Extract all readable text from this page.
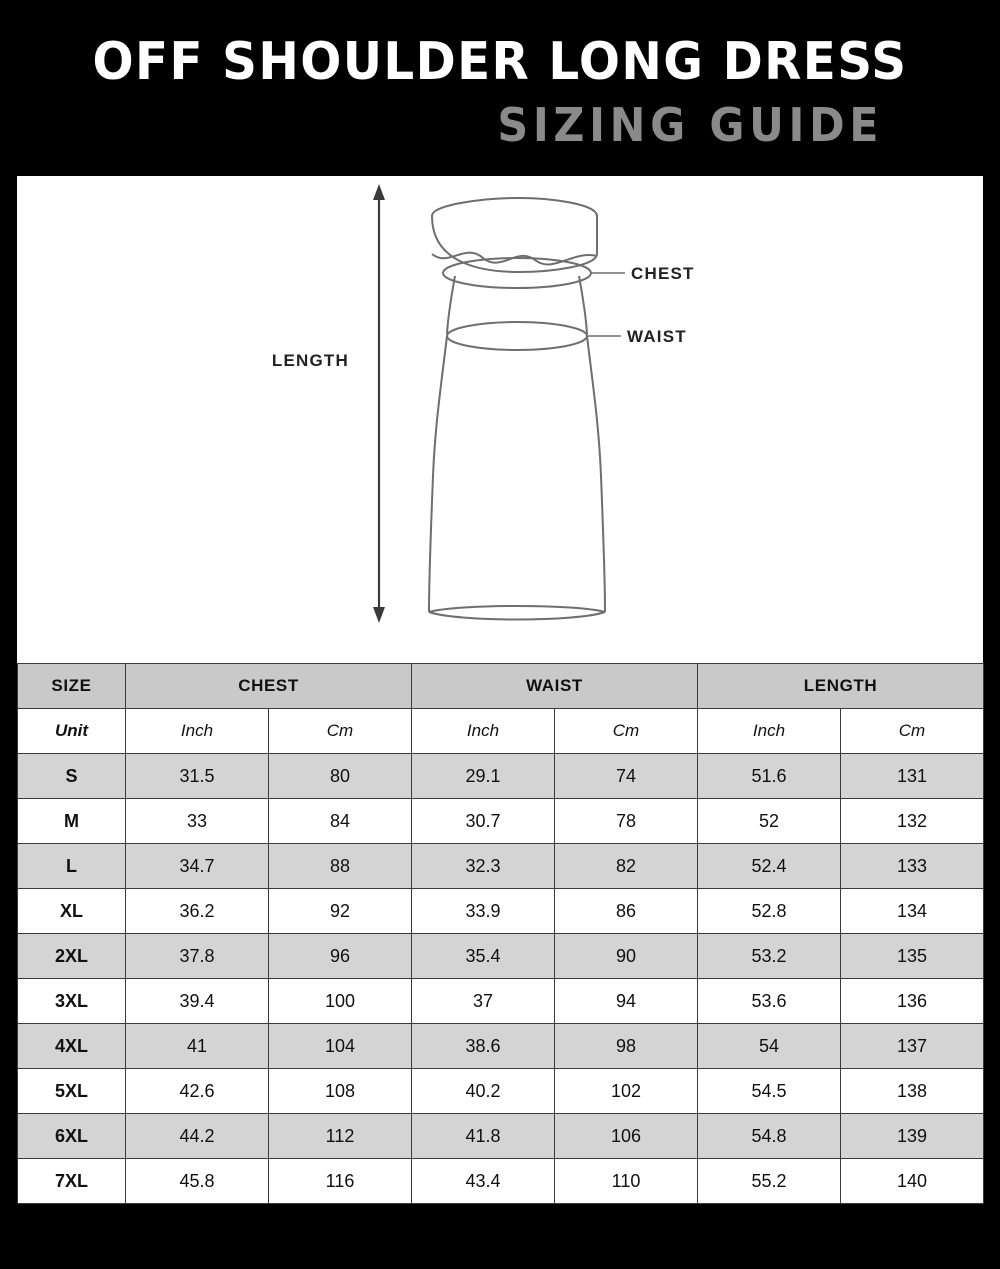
OFF SHOULDER LONG DRESS
SIZING GUIDE
CHEST
WAIST
LENGTH
SIZE	CHEST		WAIST		LENGTH	
Unit	Inch	Cm	Inch	Cm	Inch	Cm
S	31.5	80	29.1	74	51.6	131
M	33	84	30.7	78	52	132
L	34.7	88	32.3	82	52.4	133
XL	36.2	92	33.9	86	52.8	134
2XL	37.8	96	35.4	90	53.2	135
3XL	39.4	100	37	94	53.6	136
4XL	41	104	38.6	98	54	137
5XL	42.6	108	40.2	102	54.5	138
6XL	44.2	112	41.8	106	54.8	139
7XL	45.8	116	43.4	110	55.2	140
